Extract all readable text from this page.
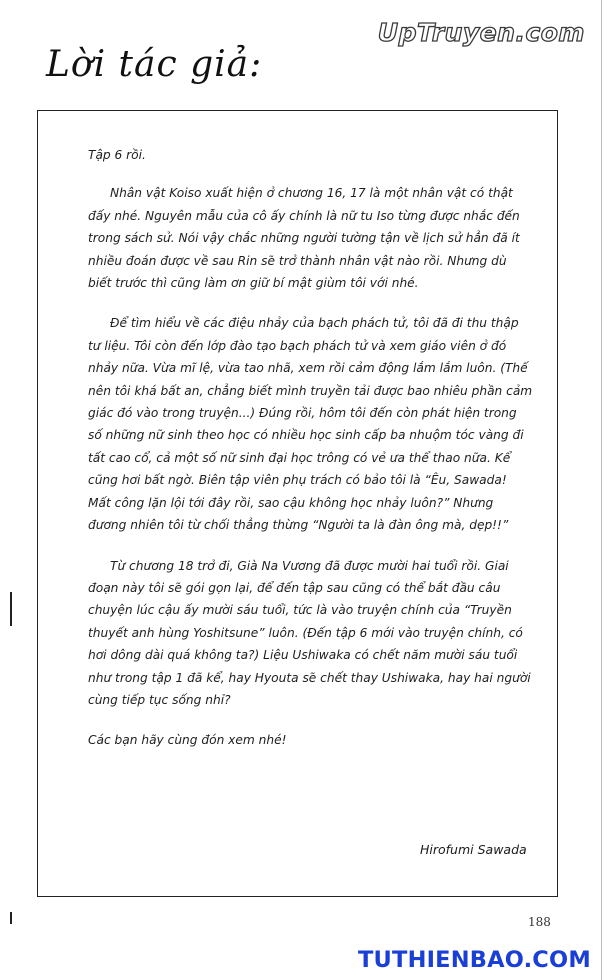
UpTruyen.com
Lời tác giả:

Tập 6 rồi.

Nhân vật Koiso xuất hiện ở chương 16, 17 là một nhân vật có thật đấy nhé. Nguyên mẫu của cô ấy chính là nữ tu Iso từng được nhắc đến trong sách sử. Nói vậy chắc những người tường tận về lịch sử hẳn đã ít nhiều đoán được về sau Rin sẽ trở thành nhân vật nào rồi. Nhưng dù biết trước thì cũng làm ơn giữ bí mật giùm tôi với nhé.

Để tìm hiểu về các điệu nhảy của bạch phách tử, tôi đã đi thu thập tư liệu. Tôi còn đến lớp đào tạo bạch phách tử và xem giáo viên ở đó nhảy nữa. Vừa mĩ lệ, vừa tao nhã, xem rồi cảm động lắm lắm luôn. (Thế nên tôi khá bất an, chẳng biết mình truyền tải được bao nhiêu phần cảm giác đó vào trong truyện...) Đúng rồi, hôm tôi đến còn phát hiện trong số những nữ sinh theo học có nhiều học sinh cấp ba nhuộm tóc vàng đi tất cao cổ, cả một số nữ sinh đại học trông có vẻ ưa thể thao nữa. Kể cũng hơi bất ngờ. Biên tập viên phụ trách có bảo tôi là “Êu, Sawada! Mất công lặn lội tới đây rồi, sao cậu không học nhảy luôn?” Nhưng đương nhiên tôi từ chối thẳng thừng “Người ta là đàn ông mà, dẹp!!”

Từ chương 18 trở đi, Già Na Vương đã được mười hai tuổi rồi. Giai đoạn này tôi sẽ gói gọn lại, để đến tập sau cũng có thể bắt đầu câu chuyện lúc cậu ấy mười sáu tuổi, tức là vào truyện chính của “Truyền thuyết anh hùng Yoshitsune” luôn. (Đến tập 6 mới vào truyện chính, có hơi dông dài quá không ta?) Liệu Ushiwaka có chết năm mười sáu tuổi như trong tập 1 đã kể, hay Hyouta sẽ chết thay Ushiwaka, hay hai người cùng tiếp tục sống nhỉ?

Các bạn hãy cùng đón xem nhé!

Hirofumi Sawada
188
TUTHIENBAO.COM
